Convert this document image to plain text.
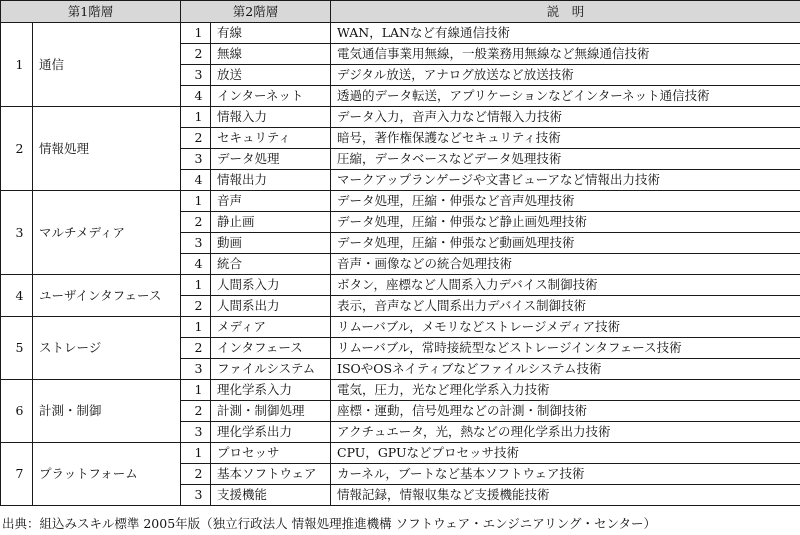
第1階層		第2階層		説　明
1	通信	1	有線	WAN，LANなど有線通信技術
		2	無線	電気通信事業用無線，一般業務用無線など無線通信技術
		3	放送	デジタル放送，アナログ放送など放送技術
		4	インターネット	透過的データ転送，アプリケーションなどインターネット通信技術
2	情報処理	1	情報入力	データ入力，音声入力など情報入力技術
		2	セキュリティ	暗号，著作権保護などセキュリティ技術
		3	データ処理	圧縮，データベースなどデータ処理技術
		4	情報出力	マークアップランゲージや文書ビューアなど情報出力技術
3	マルチメディア	1	音声	データ処理，圧縮・伸張など音声処理技術
		2	静止画	データ処理，圧縮・伸張など静止画処理技術
		3	動画	データ処理，圧縮・伸張など動画処理技術
		4	統合	音声・画像などの統合処理技術
4	ユーザインタフェース	1	人間系入力	ボタン，座標など人間系入力デバイス制御技術
		2	人間系出力	表示，音声など人間系出力デバイス制御技術
5	ストレージ	1	メディア	リムーバブル，メモリなどストレージメディア技術
		2	インタフェース	リムーバブル，常時接続型などストレージインタフェース技術
		3	ファイルシステム	ISOやOSネイティブなどファイルシステム技術
6	計測・制御	1	理化学系入力	電気，圧力，光など理化学系入力技術
		2	計測・制御処理	座標・運動，信号処理などの計測・制御技術
		3	理化学系出力	アクチュエータ，光，熱などの理化学系出力技術
7	プラットフォーム	1	プロセッサ	CPU，GPUなどプロセッサ技術
		2	基本ソフトウェア	カーネル，ブートなど基本ソフトウェア技術
		3	支援機能	情報記録，情報収集など支援機能技術
出典：組込みスキル標準 2005年版（独立行政法人 情報処理推進機構 ソフトウェア・エンジニアリング・センター）
